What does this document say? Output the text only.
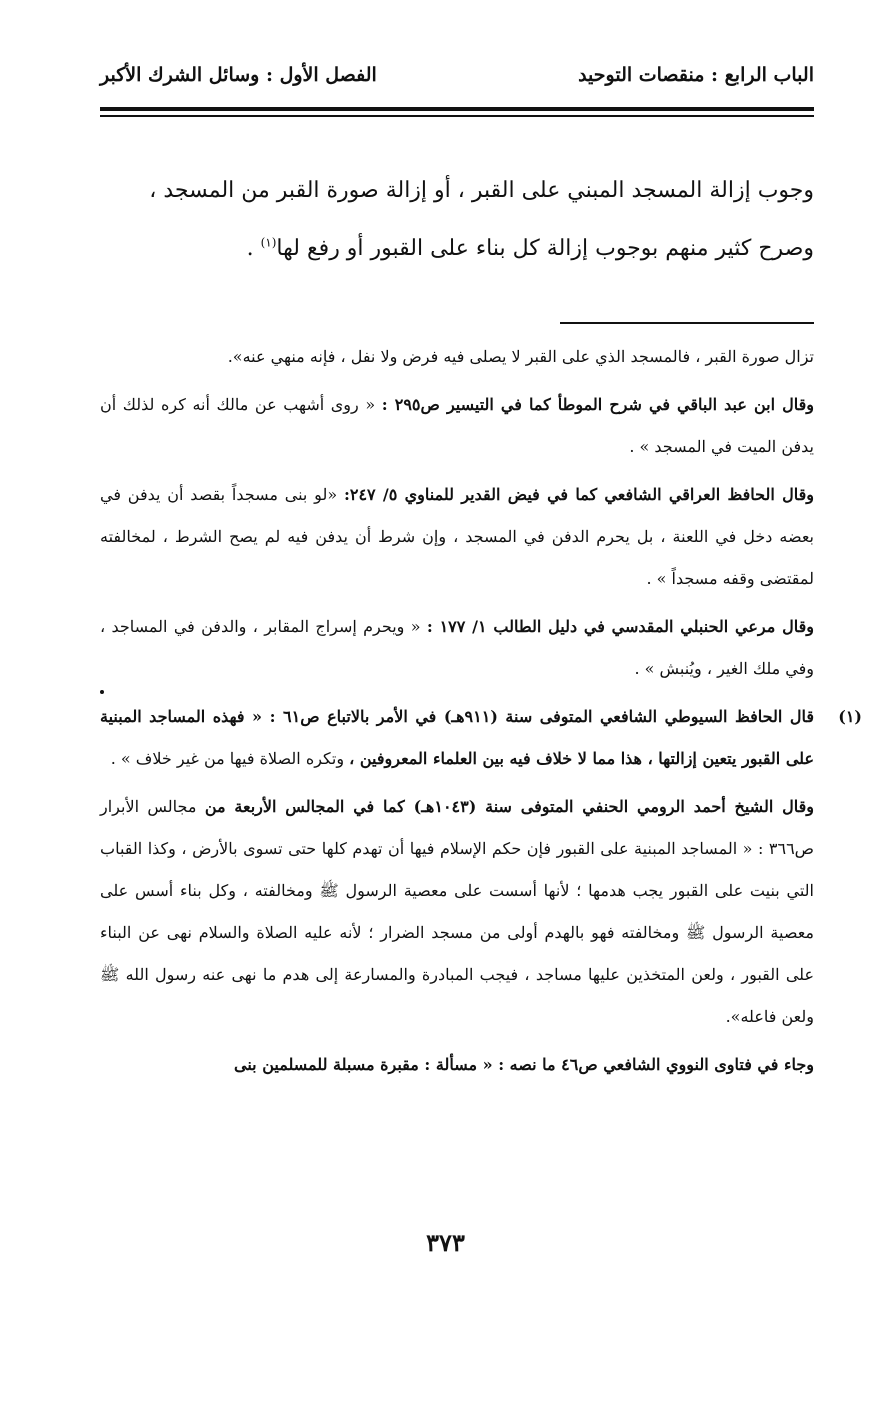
الباب الرابع : منقصات التوحيد
الفصل الأول : وسائل الشرك الأكبر

وجوب إزالة المسجد المبني على القبر ، أو إزالة صورة القبر من المسجد ،

وصرح كثير منهم بوجوب إزالة كل بناء على القبور أو رفع لها$^{(١)}$ .

تزال صورة القبر ، فالمسجد الذي على القبر لا يصلى فيه فرض ولا نفل ، فإنه منهي عنه».

وقال ابن عبد الباقي في شرح الموطأ كما في التيسير ص٢٩٥ : « روى أشهب عن مالك أنه كره لذلك أن يدفن الميت في المسجد » .

وقال الحافظ العراقي الشافعي كما في فيض القدير للمناوي ٥/ ٢٤٧: «لو بنى مسجداً بقصد أن يدفن في بعضه دخل في اللعنة ، بل يحرم الدفن في المسجد ، وإن شرط أن يدفن فيه لم يصح الشرط ، لمخالفته لمقتضى وقفه مسجداً » .

وقال مرعي الحنبلي المقدسي في دليل الطالب ١/ ١٧٧ : « ويحرم إسراج المقابر ، والدفن في المساجد ، وفي ملك الغير ، ويُنبش » .

(١)
قال الحافظ السيوطي الشافعي المتوفى سنة (٩١١هـ) في الأمر بالاتباع ص٦١ : « فهذه المساجد المبنية على القبور يتعين إزالتها ، هذا مما لا خلاف فيه بين العلماء المعروفين ، وتكره الصلاة فيها من غير خلاف » .

وقال الشيخ أحمد الرومي الحنفي المتوفى سنة (١٠٤٣هـ) كما في المجالس الأربعة من مجالس الأبرار ص٣٦٦ : « المساجد المبنية على القبور فإن حكم الإسلام فيها أن تهدم كلها حتى تسوى بالأرض ، وكذا القباب التي بنيت على القبور يجب هدمها ؛ لأنها أسست على معصية الرسول ﷺ ومخالفته ، وكل بناء أسس على معصية الرسول ﷺ ومخالفته فهو بالهدم أولى من مسجد الضرار ؛ لأنه عليه الصلاة والسلام نهى عن البناء على القبور ، ولعن المتخذين عليها مساجد ، فيجب المبادرة والمسارعة إلى هدم ما نهى عنه رسول الله ﷺ ولعن فاعله».

وجاء في فتاوى النووي الشافعي ص٤٦ ما نصه : « مسألة : مقبرة مسبلة للمسلمين بنى

٣٧٣
